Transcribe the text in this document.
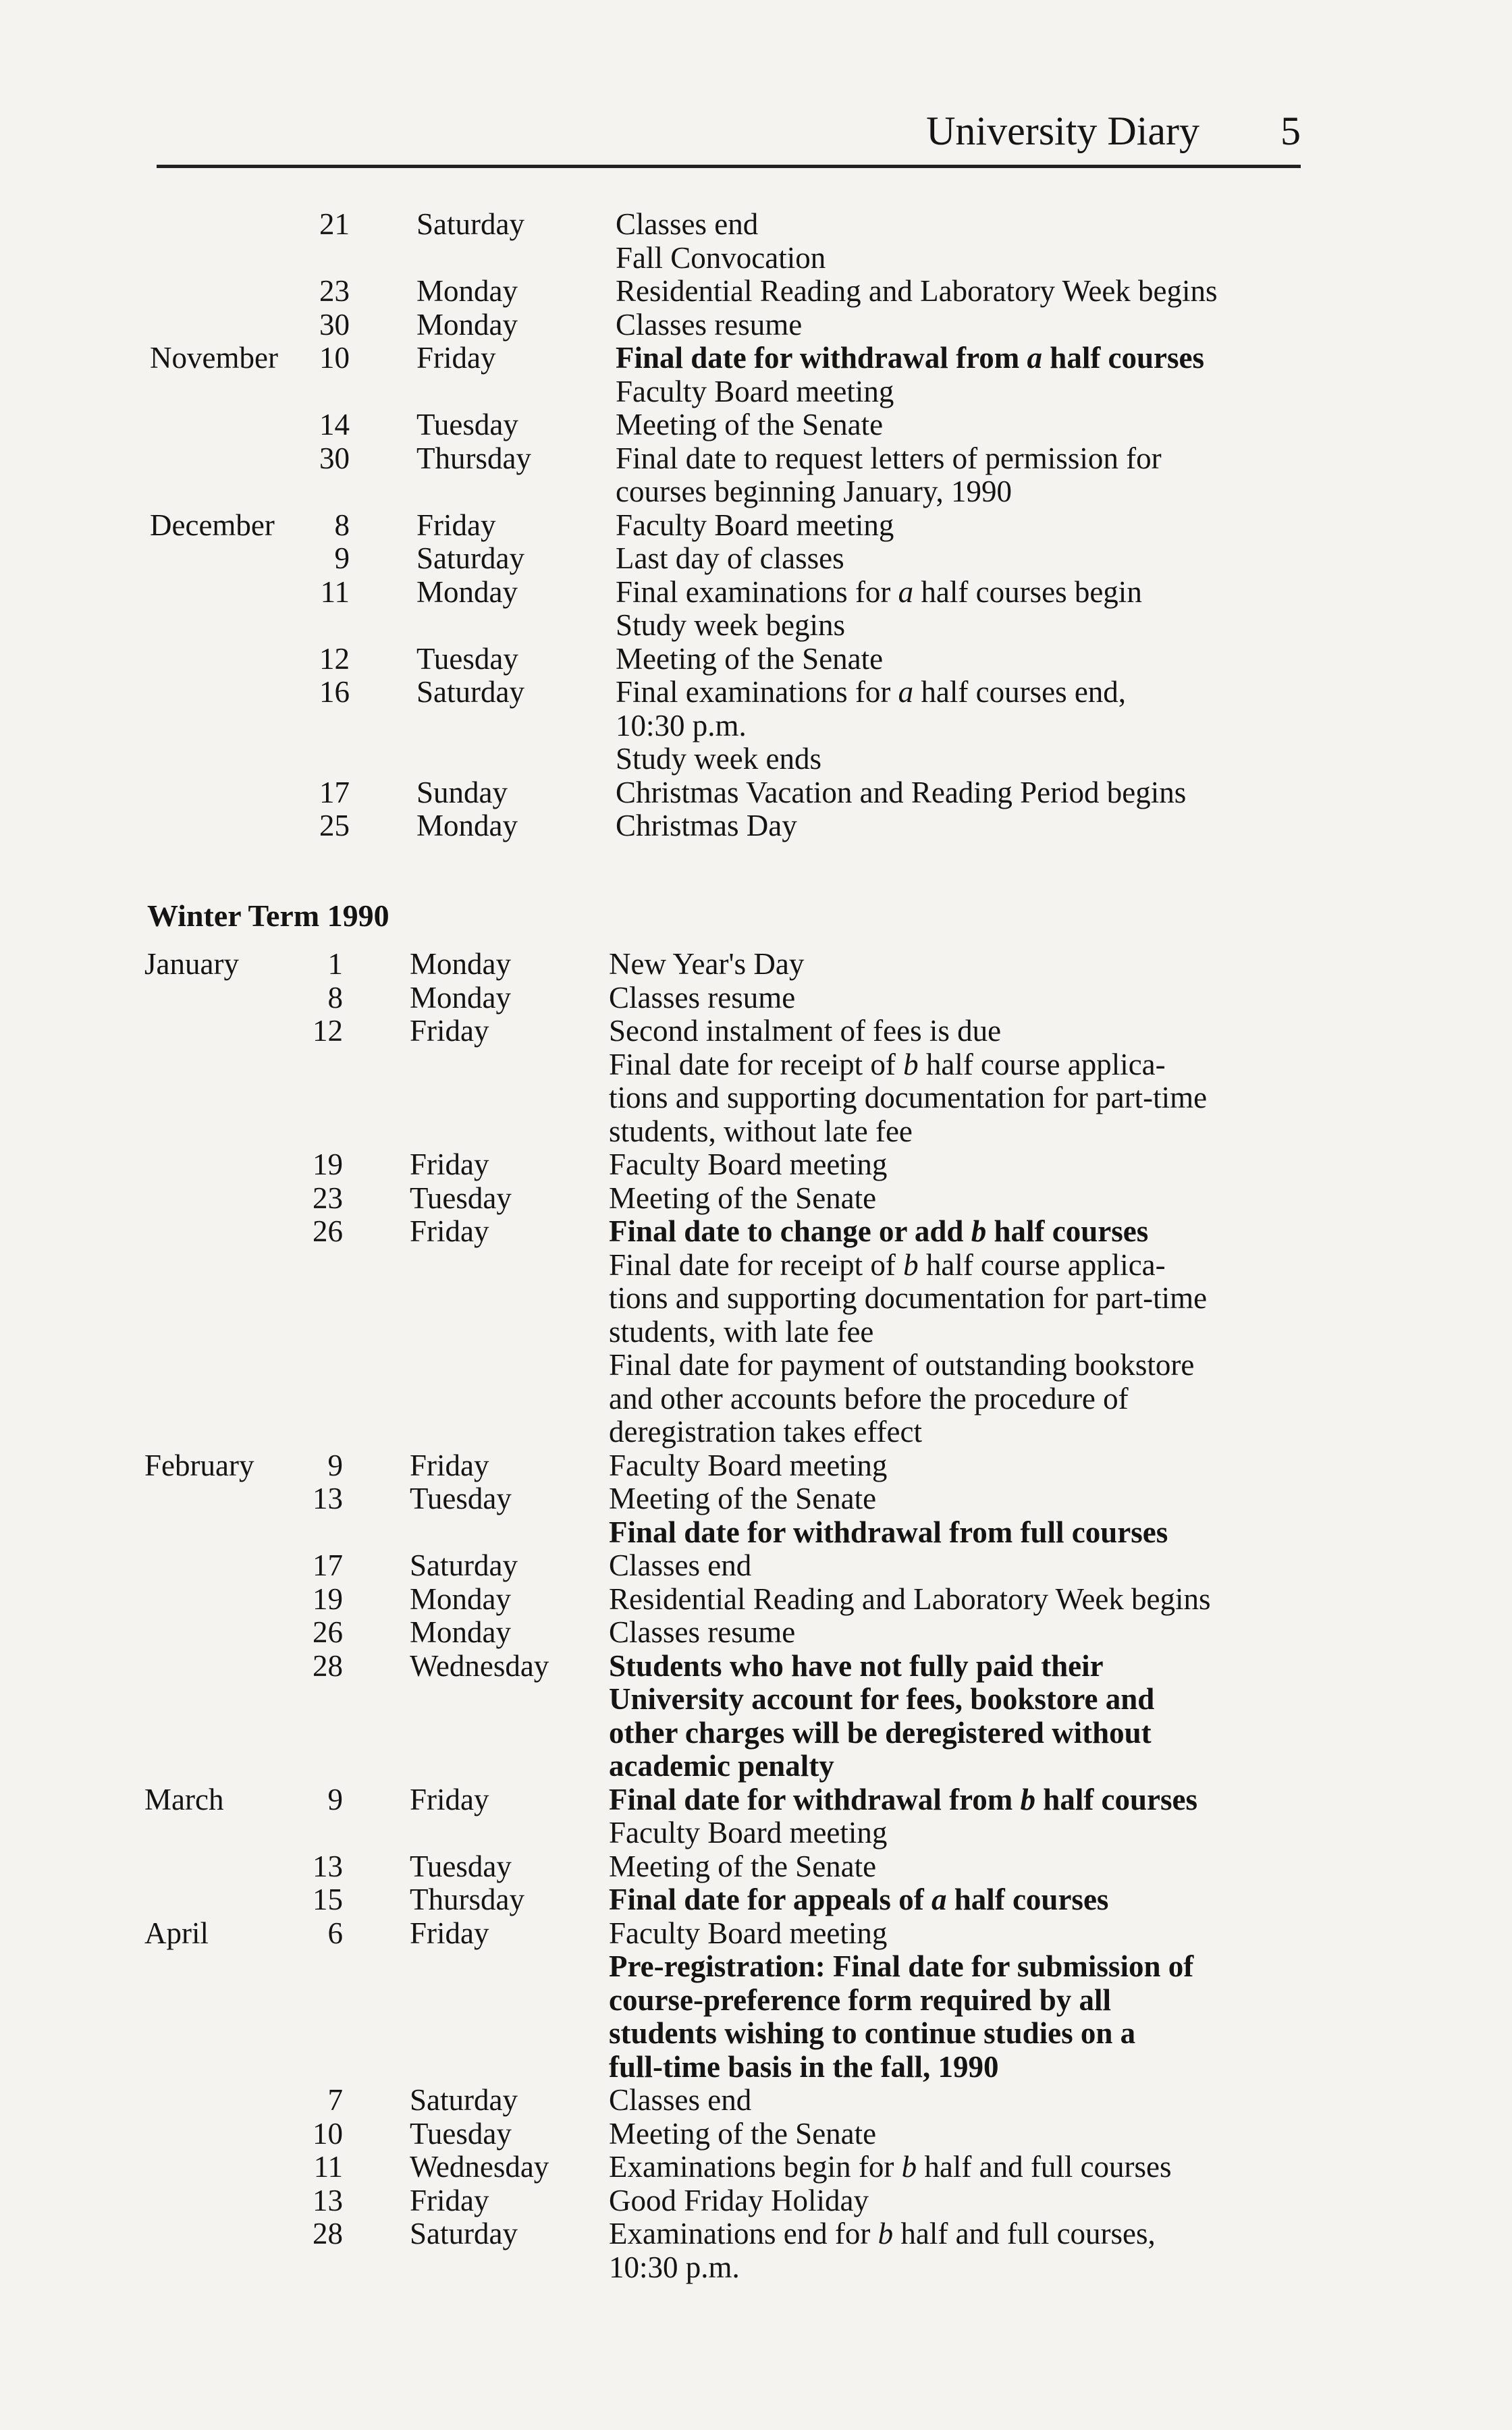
University Diary 5
21 Saturday	Classes end
Fall Convocation
23 Monday	Residential Reading and Laboratory Week begins
30 Monday	Classes resume
November	10 Friday	Final date for withdrawal from a half courses
Faculty Board meeting
14 Tuesday	Meeting of the Senate
30 Thursday	Final date to request letters of permission for
courses beginning January, 1990
December	8 Friday	Faculty Board meeting
9 Saturday	Last day of classes
11 Monday	Final examinations for a half courses begin
Study week begins
12 Tuesday	Meeting of the Senate
16 Saturday	Final examinations for a half courses end,
10:30 p.m.
Study week ends
17 Sunday	Christmas Vacation and Reading Period begins
25 Monday	Christmas Day
Winter Term 1990
January	1 Monday	New Year's Day
8 Monday	Classes resume
12 Friday	Second instalment of fees is due
Final date for receipt of b half course applica-
tions and supporting documentation for part-time
students, without late fee
19 Friday	Faculty Board meeting
23 Tuesday	Meeting of the Senate
26 Friday	Final date to change or add b half courses
Final date for receipt of b half course applica-
tions and supporting documentation for part-time
students, with late fee
Final date for payment of outstanding bookstore
and other accounts before the procedure of
deregistration takes effect
February	9 Friday	Faculty Board meeting
13 Tuesday	Meeting of the Senate
Final date for withdrawal from full courses
17 Saturday	Classes end
19 Monday	Residential Reading and Laboratory Week begins
26 Monday	Classes resume
28 Wednesday Students who have not fully paid their
University account for fees, bookstore and
other charges will be deregistered without
academic penalty
March	9 Friday	Final date for withdrawal from b half courses
Faculty Board meeting
13 Tuesday	Meeting of the Senate
15 Thursday	Final date for appeals of a half courses
April	6 Friday	Faculty Board meeting
Pre-registration: Final date for submission of
course-preference form required by all
students wishing to continue studies on a
full-time basis in the fall, 1990
7 Saturday	Classes end
10 Tuesday	Meeting of the Senate
11 Wednesday Examinations begin for b half and full courses
13 Friday	Good Friday Holiday
28 Saturday	Examinations end for b half and full courses,
10:30 p.m.
